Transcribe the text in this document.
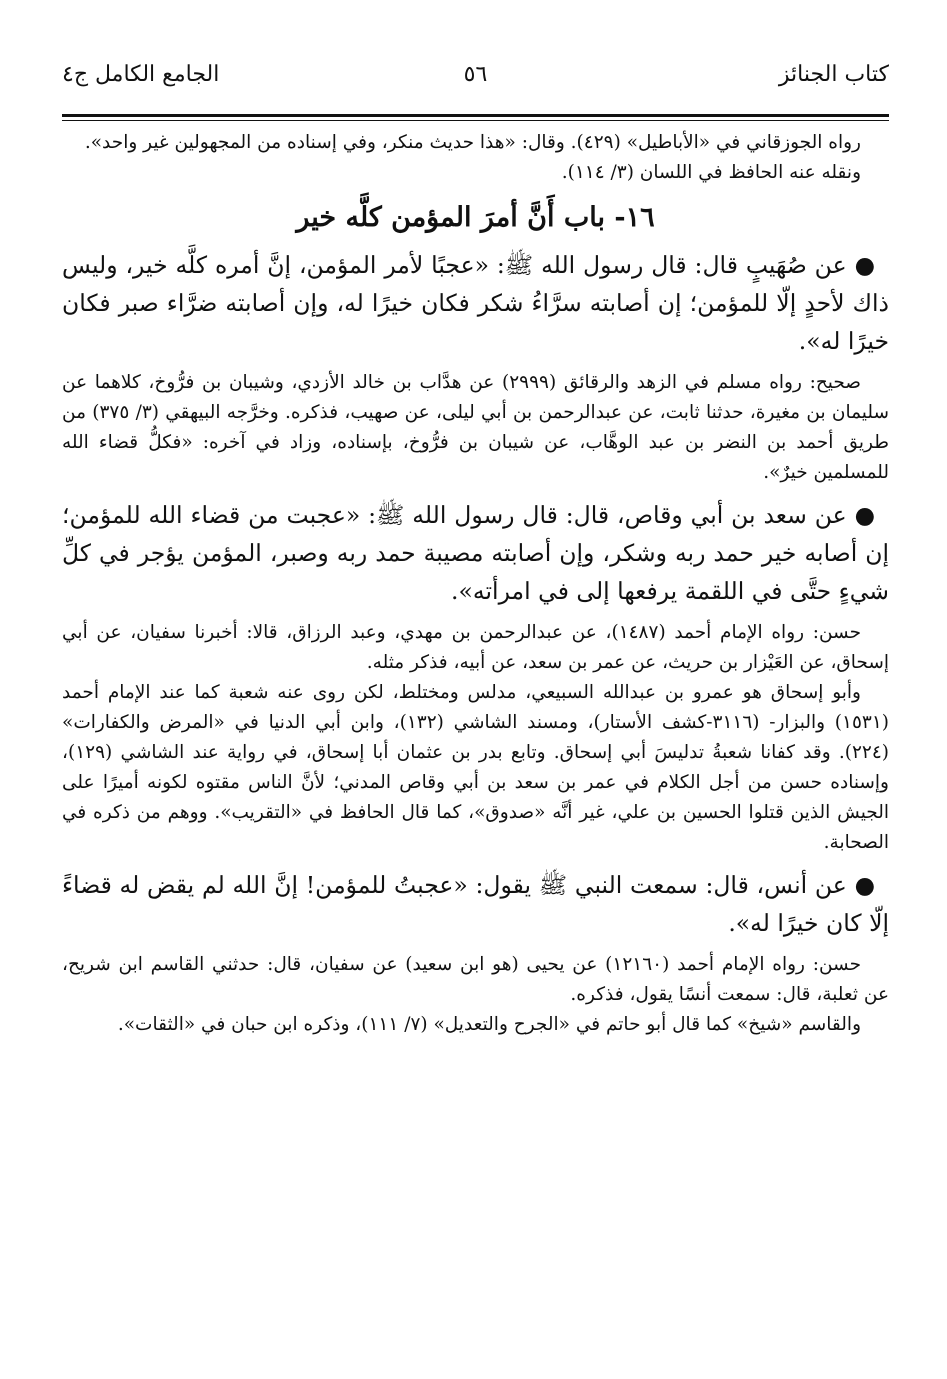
كتاب الجنائز
٥٦
الجامع الكامل ج٤

رواه الجوزقاني في «الأباطيل» (٤٢٩). وقال: «هذا حديث منكر، وفي إسناده من المجهولين غير واحد».

ونقله عنه الحافظ في اللسان (٣/ ١١٤).

١٦- باب أَنَّ أمرَ المؤمن كلَّه خير

● عن صُهَيبٍ قال: قال رسول الله ﷺ: «عجبًا لأمر المؤمن، إنَّ أمره كلَّه خير، وليس ذاك لأحدٍ إلّا للمؤمن؛ إن أصابته سرَّاءُ شكر فكان خيرًا له، وإن أصابته ضرَّاء صبر فكان خيرًا له».

صحيح: رواه مسلم في الزهد والرقائق (٢٩٩٩) عن هدَّاب بن خالد الأزدي، وشيبان بن فرُّوخ، كلاهما عن سليمان بن مغيرة، حدثنا ثابت، عن عبدالرحمن بن أبي ليلى، عن صهيب، فذكره. وخرَّجه البيهقي (٣/ ٣٧٥) من طريق أحمد بن النضر بن عبد الوهَّاب، عن شيبان بن فرُّوخ، بإسناده، وزاد في آخره: «فكلُّ قضاء الله للمسلمين خيرٌ».

● عن سعد بن أبي وقاص، قال: قال رسول الله ﷺ: «عجبت من قضاء الله للمؤمن؛ إن أصابه خير حمد ربه وشكر، وإن أصابته مصيبة حمد ربه وصبر، المؤمن يؤجر في كلِّ شيءٍ حتَّى في اللقمة يرفعها إلى في امرأته».

حسن: رواه الإمام أحمد (١٤٨٧)، عن عبدالرحمن بن مهدي، وعبد الرزاق، قالا: أخبرنا سفيان، عن أبي إسحاق، عن العَيْزار بن حريث، عن عمر بن سعد، عن أبيه، فذكر مثله.

وأبو إسحاق هو عمرو بن عبدالله السبيعي، مدلس ومختلط، لكن روى عنه شعبة كما عند الإمام أحمد (١٥٣١) والبزار- (٣١١٦-كشف الأستار)، ومسند الشاشي (١٣٢)، وابن أبي الدنيا في «المرض والكفارات» (٢٢٤). وقد كفانا شعبةُ تدليسَ أبي إسحاق. وتابع بدر بن عثمان أبا إسحاق، في رواية عند الشاشي (١٢٩)، وإسناده حسن من أجل الكلام في عمر بن سعد بن أبي وقاص المدني؛ لأنَّ الناس مقتوه لكونه أميرًا على الجيش الذين قتلوا الحسين بن علي، غير أنَّه «صدوق»، كما قال الحافظ في «التقريب». ووهم من ذكره في الصحابة.

● عن أنس، قال: سمعت النبي ﷺ يقول: «عجبتُ للمؤمن! إنَّ الله لم يقض له قضاءً إلّا كان خيرًا له».

حسن: رواه الإمام أحمد (١٢١٦٠) عن يحيى (هو ابن سعيد) عن سفيان، قال: حدثني القاسم ابن شريح، عن ثعلبة، قال: سمعت أنسًا يقول، فذكره.

والقاسم «شيخ» كما قال أبو حاتم في «الجرح والتعديل» (٧/ ١١١)، وذكره ابن حبان في «الثقات».
